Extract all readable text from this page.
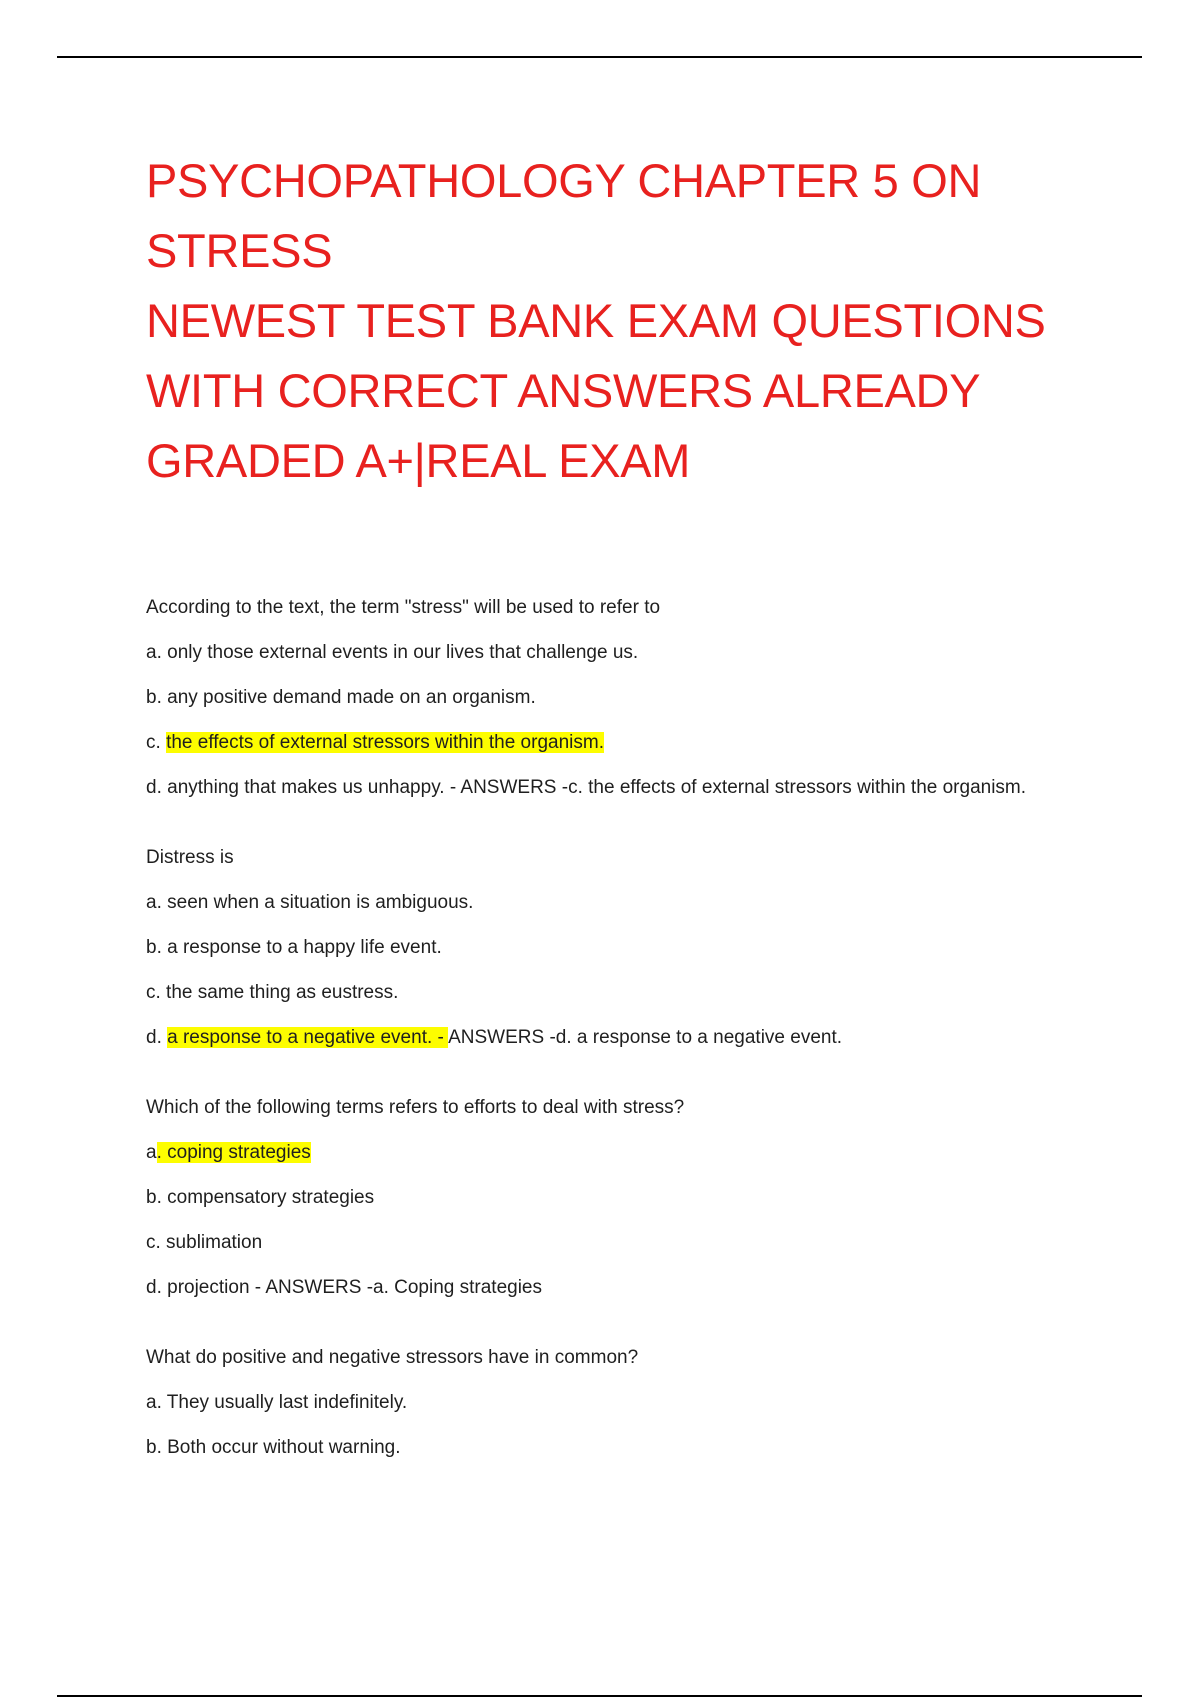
PSYCHOPATHOLOGY CHAPTER 5 ON STRESS
NEWEST TEST BANK EXAM QUESTIONS
WITH CORRECT ANSWERS ALREADY
GRADED A+|REAL EXAM

According to the text, the term "stress" will be used to refer to

a. only those external events in our lives that challenge us.

b. any positive demand made on an organism.

c. the effects of external stressors within the organism.

d. anything that makes us unhappy. - ANSWERS -c. the effects of external stressors within the organism.

Distress is

a. seen when a situation is ambiguous.

b. a response to a happy life event.

c. the same thing as eustress.

d. a response to a negative event. - ANSWERS -d. a response to a negative event.

Which of the following terms refers to efforts to deal with stress?

a. coping strategies

b. compensatory strategies

c. sublimation

d. projection - ANSWERS -a. Coping strategies

What do positive and negative stressors have in common?

a. They usually last indefinitely.

b. Both occur without warning.
